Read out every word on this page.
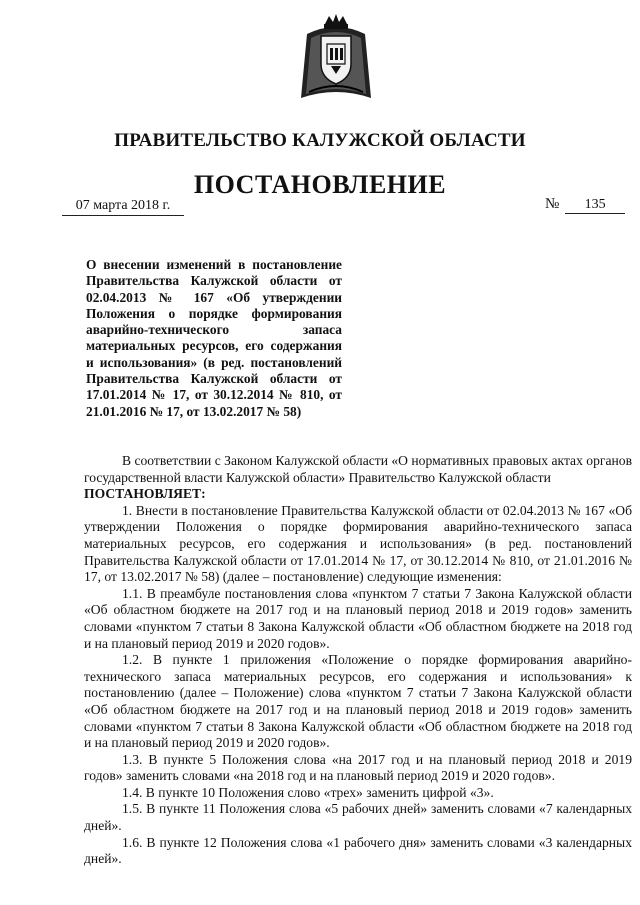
ПРАВИТЕЛЬСТВО КАЛУЖСКОЙ ОБЛАСТИ
ПОСТАНОВЛЕНИЕ
07 марта 2018 г.	№ 135
О внесении изменений в постановление Правительства Калужской области от 02.04.2013 № 167 «Об утверждении Положения о порядке формирования аварийно-технического запаса материальных ресурсов, его содержания и использования» (в ред. постановлений Правительства Калужской области от 17.01.2014 № 17, от 30.12.2014 № 810, от 21.01.2016 № 17, от 13.02.2017 № 58)

В соответствии с Законом Калужской области «О нормативных правовых актах органов государственной власти Калужской области» Правительство Калужской области

ПОСТАНОВЛЯЕТ:

1. Внести в постановление Правительства Калужской области от 02.04.2013 № 167 «Об утверждении Положения о порядке формирования аварийно-технического запаса материальных ресурсов, его содержания и использования» (в ред. постановлений Правительства Калужской области от 17.01.2014 № 17, от 30.12.2014 № 810, от 21.01.2016 № 17, от 13.02.2017 № 58) (далее – постановление) следующие изменения:

1.1. В преамбуле постановления слова «пунктом 7 статьи 7 Закона Калужской области «Об областном бюджете на 2017 год и на плановый период 2018 и 2019 годов» заменить словами «пунктом 7 статьи 8 Закона Калужской области «Об областном бюджете на 2018 год и на плановый период 2019 и 2020 годов».

1.2. В пункте 1 приложения «Положение о порядке формирования аварийно-технического запаса материальных ресурсов, его содержания и использования» к постановлению (далее – Положение) слова «пунктом 7 статьи 7 Закона Калужской области «Об областном бюджете на 2017 год и на плановый период 2018 и 2019 годов» заменить словами «пунктом 7 статьи 8 Закона Калужской области «Об областном бюджете на 2018 год и на плановый период 2019 и 2020 годов».

1.3. В пункте 5 Положения слова «на 2017 год и на плановый период 2018 и 2019 годов» заменить словами «на 2018 год и на плановый период 2019 и 2020 годов».

1.4. В пункте 10 Положения слово «трех» заменить цифрой «3».

1.5. В пункте 11 Положения слова «5 рабочих дней» заменить словами «7 календарных дней».

1.6. В пункте 12 Положения слова «1 рабочего дня» заменить словами «3 календарных дней».
